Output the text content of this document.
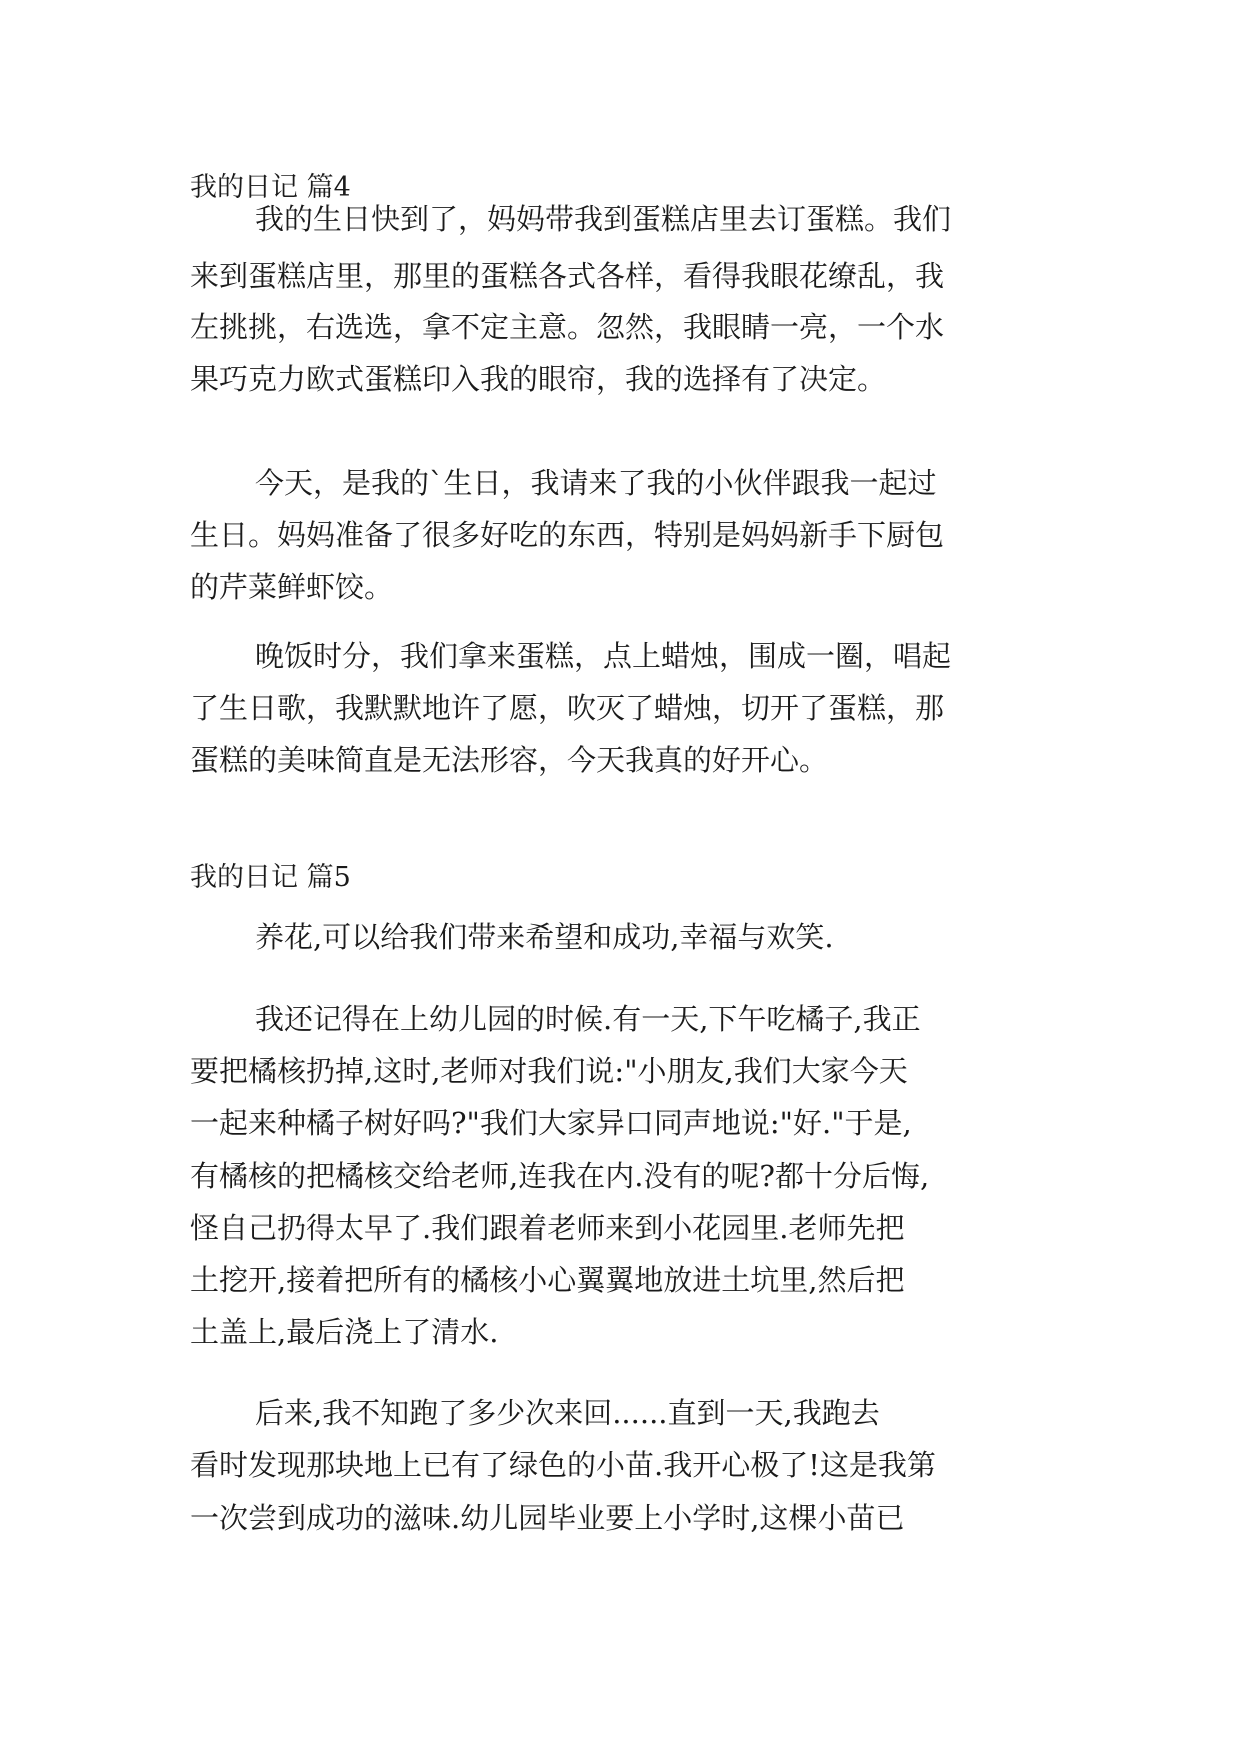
我的日记 篇4
我的生日快到了，妈妈带我到蛋糕店里去订蛋糕。我们
来到蛋糕店里，那里的蛋糕各式各样，看得我眼花缭乱，我
左挑挑，右选选，拿不定主意。忽然，我眼睛一亮，一个水
果巧克力欧式蛋糕印入我的眼帘，我的选择有了决定。
今天，是我的`生日，我请来了我的小伙伴跟我一起过
生日。妈妈准备了很多好吃的东西，特别是妈妈新手下厨包
的芹菜鲜虾饺。
晚饭时分，我们拿来蛋糕，点上蜡烛，围成一圈，唱起
了生日歌，我默默地许了愿，吹灭了蜡烛，切开了蛋糕，那
蛋糕的美味简直是无法形容，今天我真的好开心。
我的日记 篇5
养花,可以给我们带来希望和成功,幸福与欢笑.
我还记得在上幼儿园的时候.有一天,下午吃橘子,我正
要把橘核扔掉,这时,老师对我们说:"小朋友,我们大家今天
一起来种橘子树好吗?"我们大家异口同声地说:"好."于是,
有橘核的把橘核交给老师,连我在内.没有的呢?都十分后悔,
怪自己扔得太早了.我们跟着老师来到小花园里.老师先把
土挖开,接着把所有的橘核小心翼翼地放进土坑里,然后把
土盖上,最后浇上了清水.
后来,我不知跑了多少次来回......直到一天,我跑去
看时发现那块地上已有了绿色的小苗.我开心极了!这是我第
一次尝到成功的滋味.幼儿园毕业要上小学时,这棵小苗已
